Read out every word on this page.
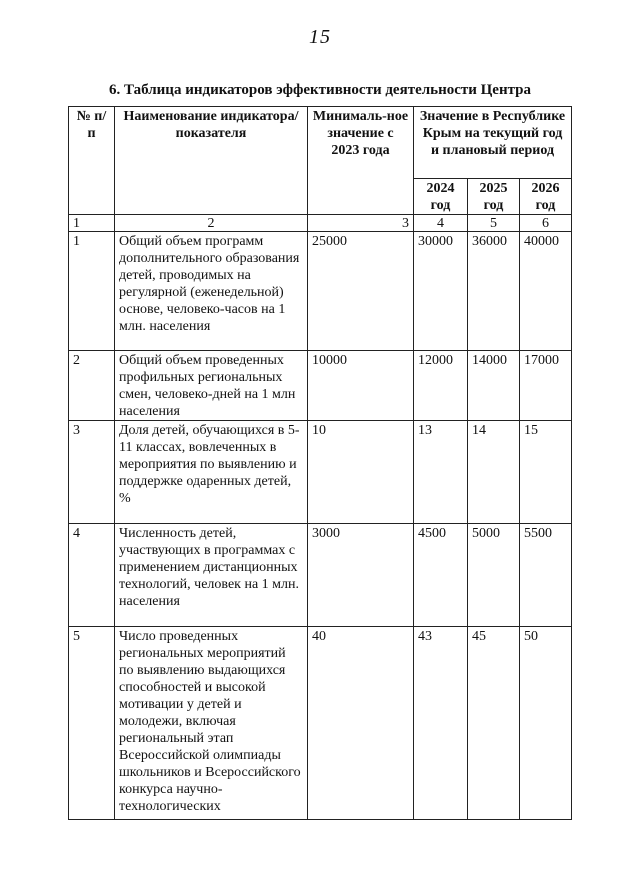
15
6. Таблица индикаторов эффективности деятельности Центра
№ п/п	Наименование индикатора/показателя	Минималь-ное значение с 2023 года	Значение в Республике Крым на текущий год и плановый период		
			2024 год	2025 год	2026 год
1	2	3	4	5	6
1	Общий объем программ дополнительного образования детей, проводимых на регулярной (еженедельной) основе, человеко-часов на 1 млн. населения	25000	30000	36000	40000
2	Общий объем проведенных профильных региональных смен, человеко-дней на 1 млн населения	10000	12000	14000	17000
3	Доля детей, обучающихся в 5-11 классах, вовлеченных в мероприятия по выявлению и поддержке одаренных детей, %	10	13	14	15
4	Численность детей, участвующих в программах с применением дистанционных технологий, человек на 1 млн. населения	3000	4500	5000	5500
5	Число проведенных региональных мероприятий по выявлению выдающихся способностей и высокой мотивации у детей и молодежи, включая региональный этап Всероссийской олимпиады школьников и Всероссийского конкурса научно-технологических	40	43	45	50
